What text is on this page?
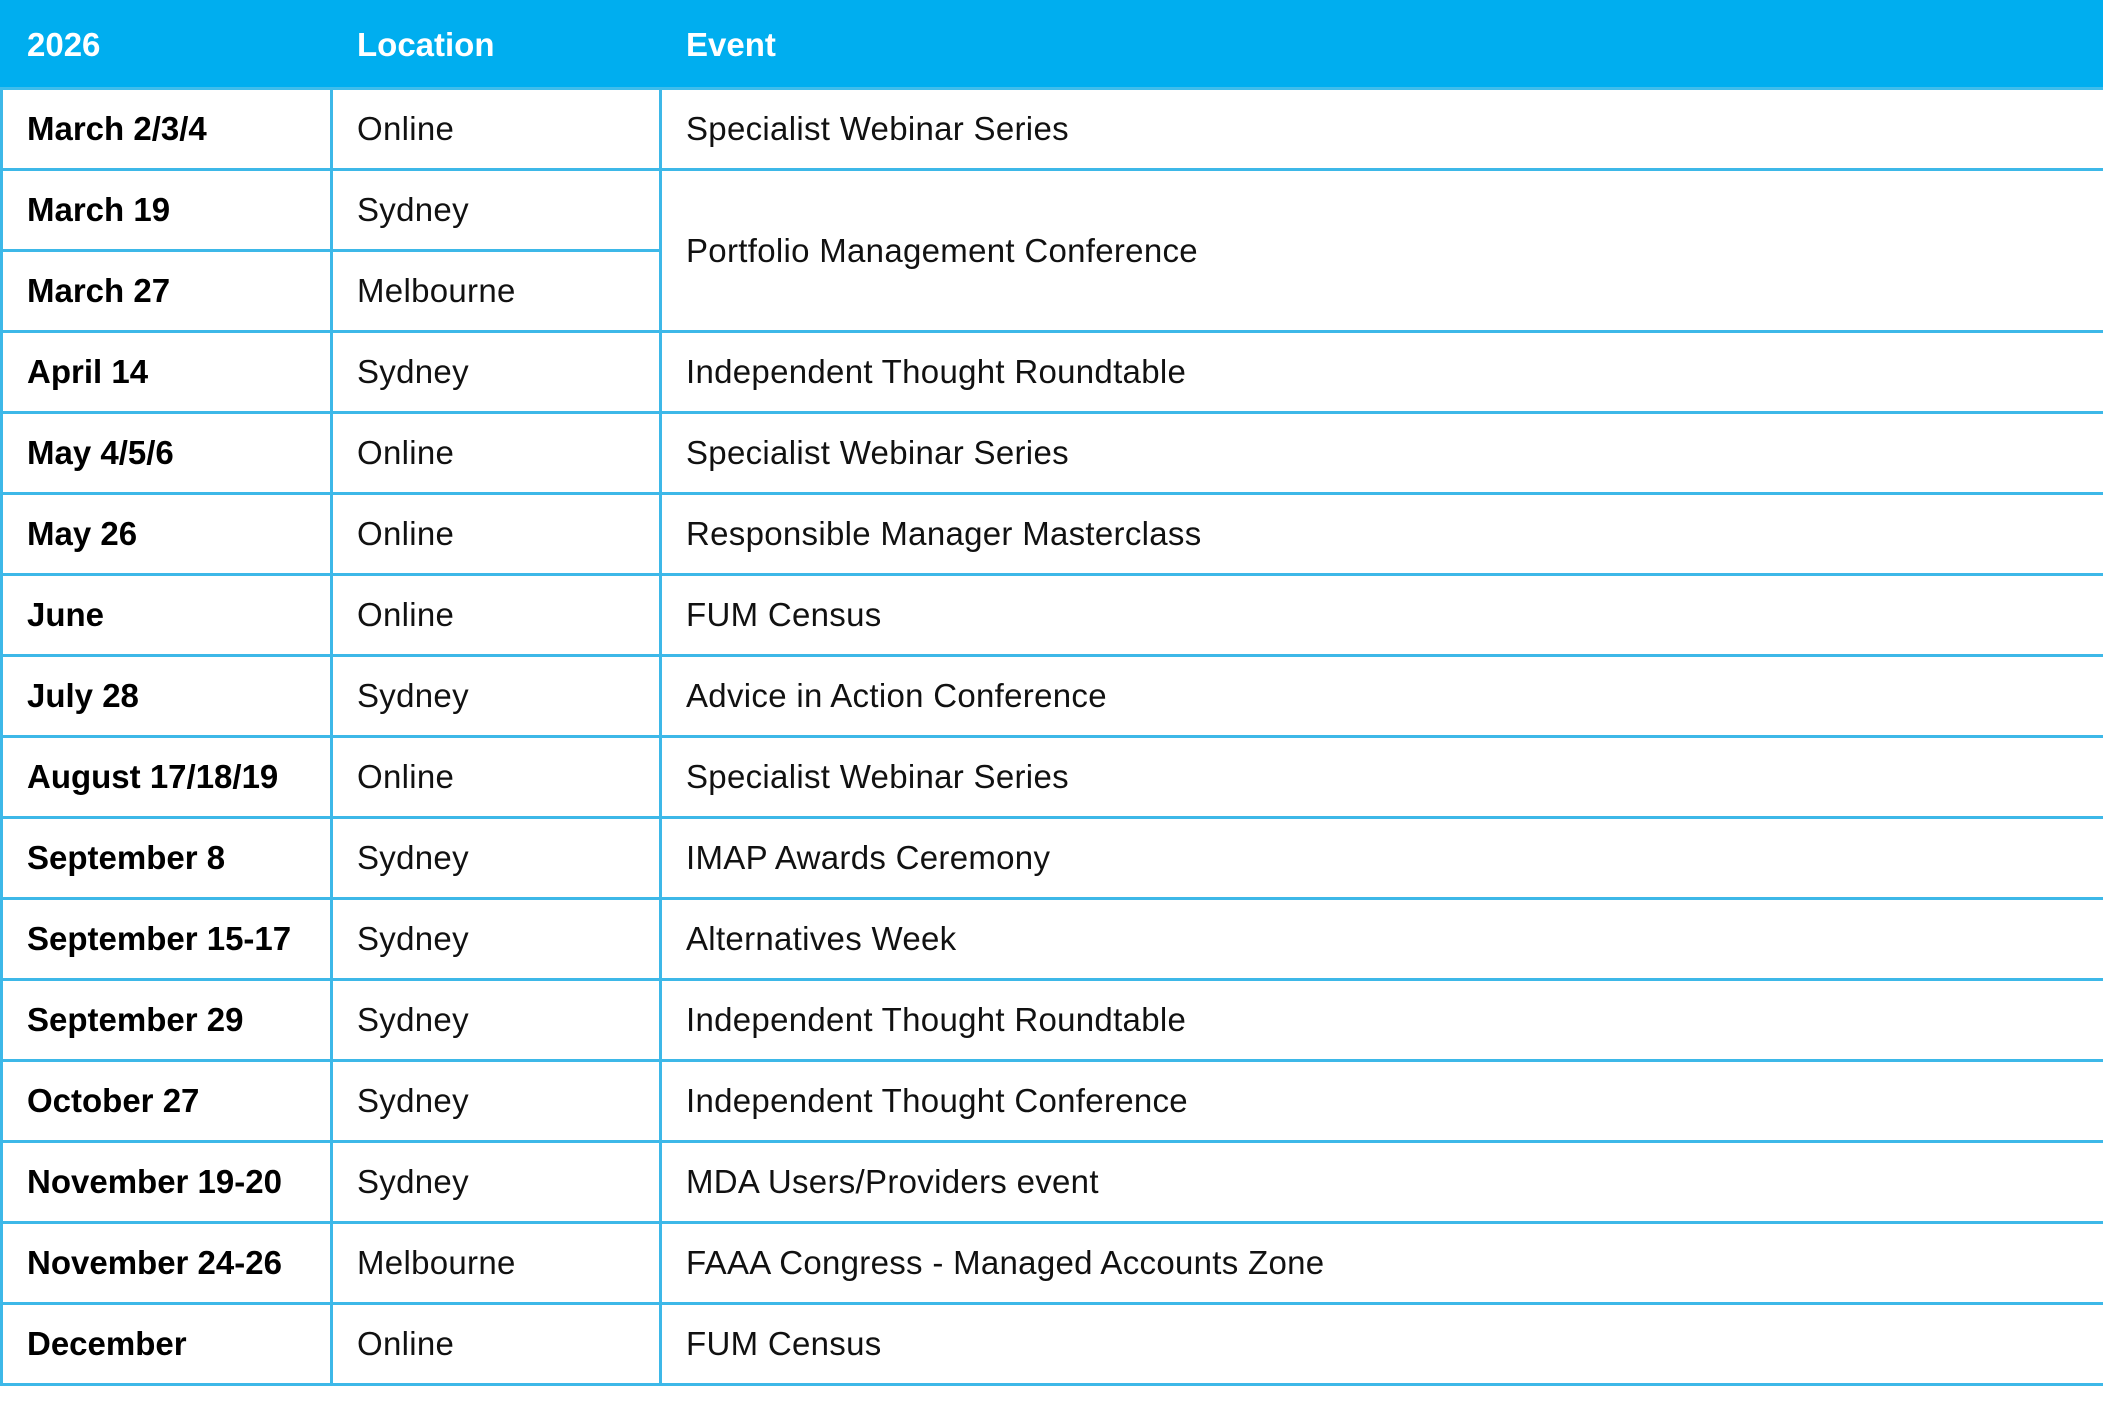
2026	Location	Event
March 2/3/4	Online	Specialist Webinar Series
March 19	Sydney	Portfolio Management Conference
March 27	Melbourne	
April 14	Sydney	Independent Thought Roundtable
May 4/5/6	Online	Specialist Webinar Series
May 26	Online	Responsible Manager Masterclass
June	Online	FUM Census
July 28	Sydney	Advice in Action Conference
August 17/18/19	Online	Specialist Webinar Series
September 8	Sydney	IMAP Awards Ceremony
September 15-17	Sydney	Alternatives Week
September 29	Sydney	Independent Thought Roundtable
October 27	Sydney	Independent Thought Conference
November 19-20	Sydney	MDA Users/Providers event
November 24-26	Melbourne	FAAA Congress - Managed Accounts Zone
December	Online	FUM Census
